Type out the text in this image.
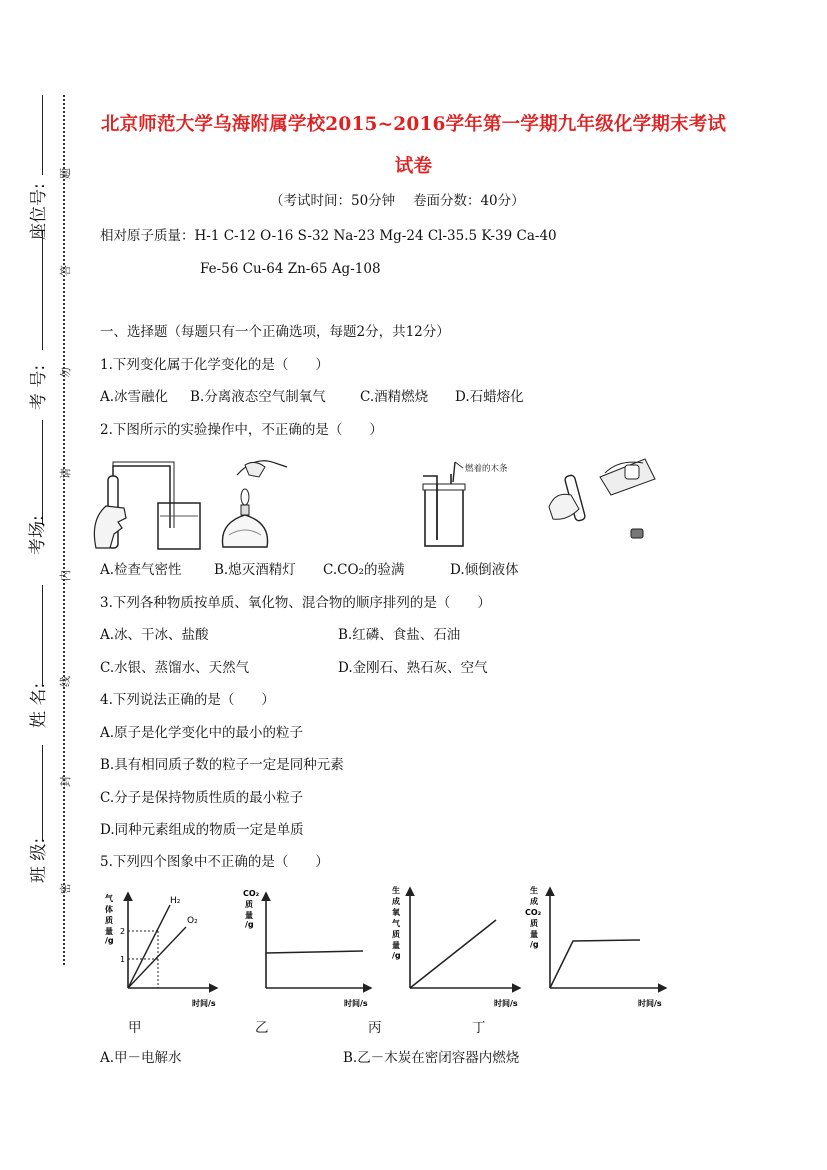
座位号:
考 号:
考场:
姓 名:
班 级:
题
答
勿
请
内
线
封
密
北京师范大学乌海附属学校2015~2016学年第一学期九年级化学期末考试
试卷
（考试时间：50分钟　 卷面分数：40分）
相对原子质量：H-1 C-12 O-16 S-32 Na-23 Mg-24 Cl-35.5 K-39 Ca-40
Fe-56 Cu-64 Zn-65 Ag-108
一、选择题（每题只有一个正确选项，每题2分，共12分）
1.下列变化属于化学变化的是（　　）
A.冰雪融化 B.分离液态空气制氧气	C.酒精燃烧 D.石蜡熔化
2.下图所示的实验操作中，不正确的是（　　）
燃着的木条
A.检查气密性 B.熄灭酒精灯 C.CO₂的验满	D.倾倒液体
3.下列各种物质按单质、氧化物、混合物的顺序排列的是（　　）
A.冰、干冰、盐酸	B.红磷、食盐、石油
C.水银、蒸馏水、天然气	D.金刚石、熟石灰、空气
4.下列说法正确的是（　　）
A.原子是化学变化中的最小的粒子
B.具有相同质子数的粒子一定是同种元素
C.分子是保持物质性质的最小粒子
D.同种元素组成的物质一定是单质
5.下列四个图象中不正确的是（　　）
气
体
质
量
/g
2
1
H₂
O₂
时间/s
CO₂
质
量
/g
时间/s
生
成
氧
气
质
量
/g
时间/s
生
成
CO₂
质
量
/g
时间/s
甲	乙	丙	丁
A.甲－电解水	B.乙－木炭在密闭容器内燃烧
